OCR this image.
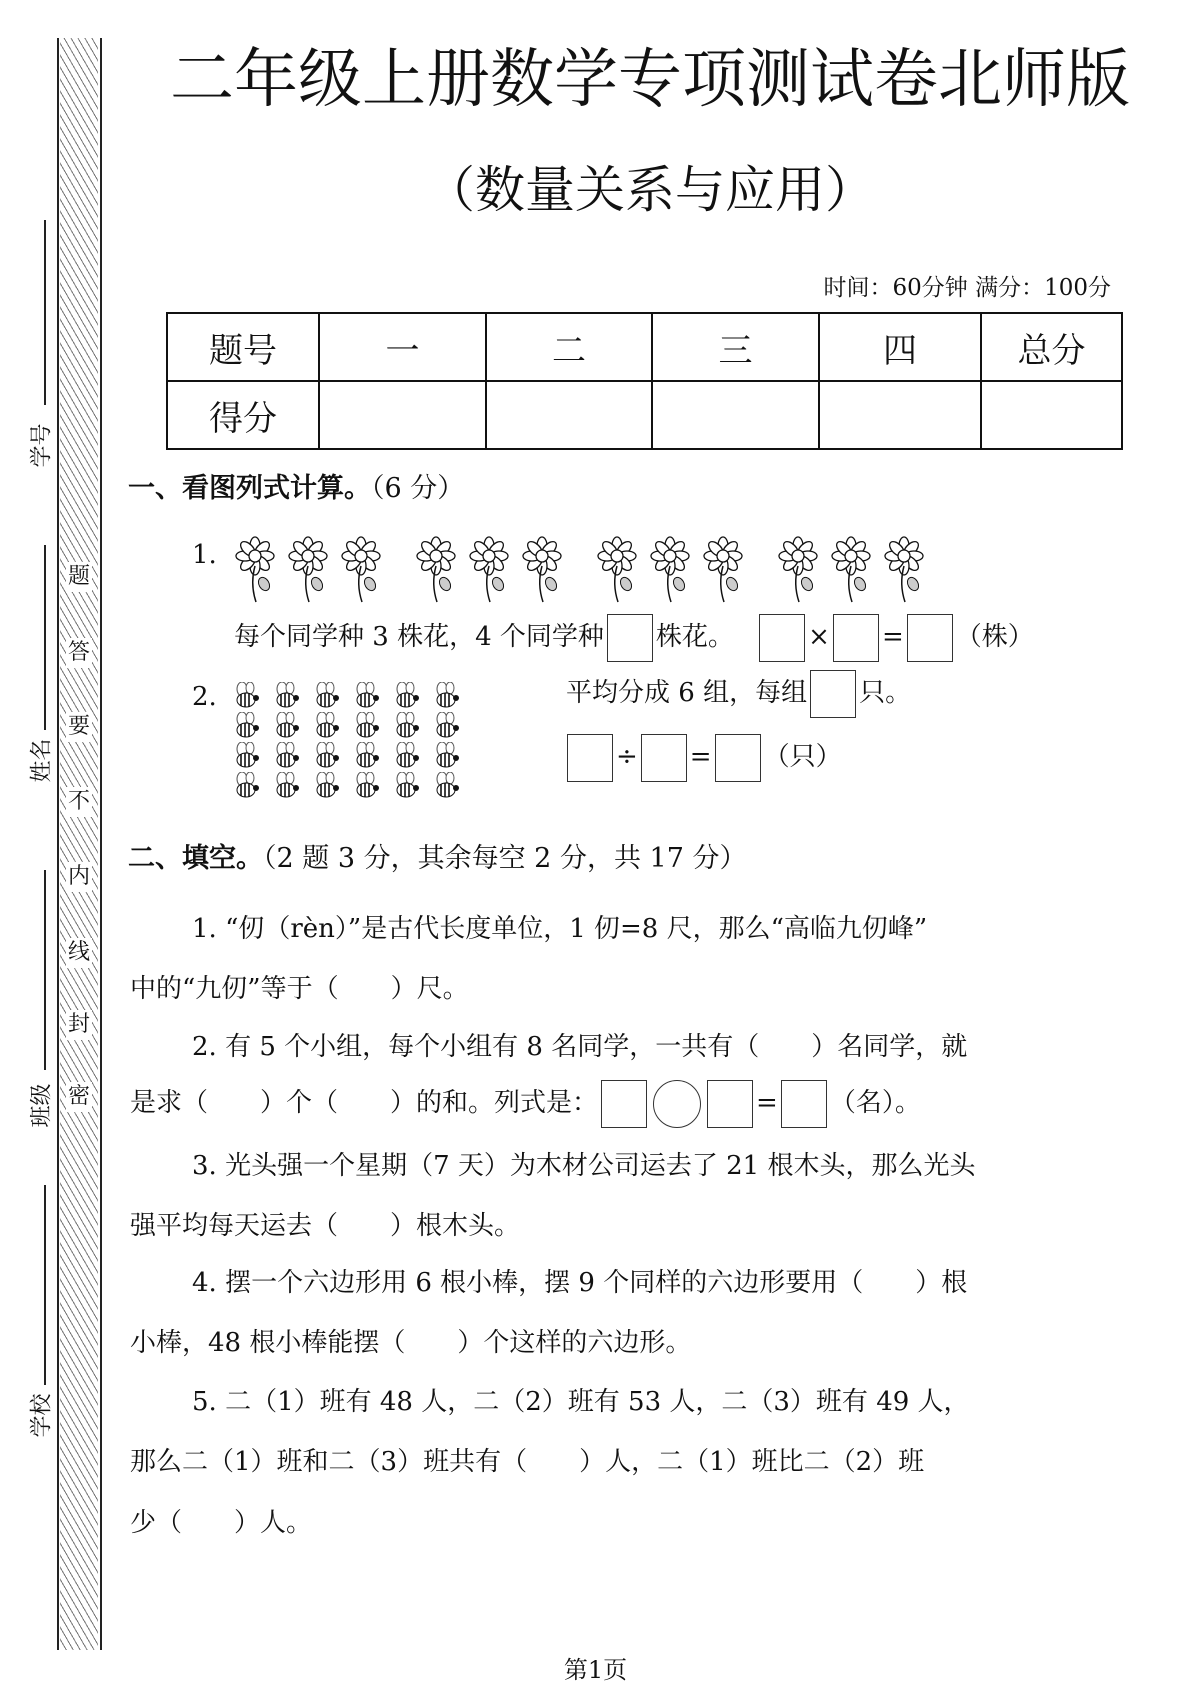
题
答
要
不
内
线
封
密
学号
姓名
班级
学校
二年级上册数学专项测试卷北师版
（数量关系与应用）
时间：60分钟 满分：100分
题号	一	二	三	四	总分
得分					
一、看图列式计算。（6 分）
1.
每个同学种 3 株花，4 个同学种 株花。	× = （株）
2.	平均分成 6 组，每组 只。
÷ = （只）
二、填空。（2 题 3 分，其余每空 2 分，共 17 分）
1. “仞（rèn）”是古代长度单位，1 仞=8 尺，那么“高临九仞峰”
中的“九仞”等于（　　）尺。
2. 有 5 个小组，每个小组有 8 名同学，一共有（　　）名同学，就
是求（　　）个（　　）的和。列式是：	= （名）。
3. 光头强一个星期（7 天）为木材公司运去了 21 根木头，那么光头
强平均每天运去（　　）根木头。
4. 摆一个六边形用 6 根小棒，摆 9 个同样的六边形要用（　　）根
小棒，48 根小棒能摆（　　）个这样的六边形。
5. 二（1）班有 48 人，二（2）班有 53 人，二（3）班有 49 人，
那么二（1）班和二（3）班共有（　　）人，二（1）班比二（2）班
少（　　）人。
第1页
